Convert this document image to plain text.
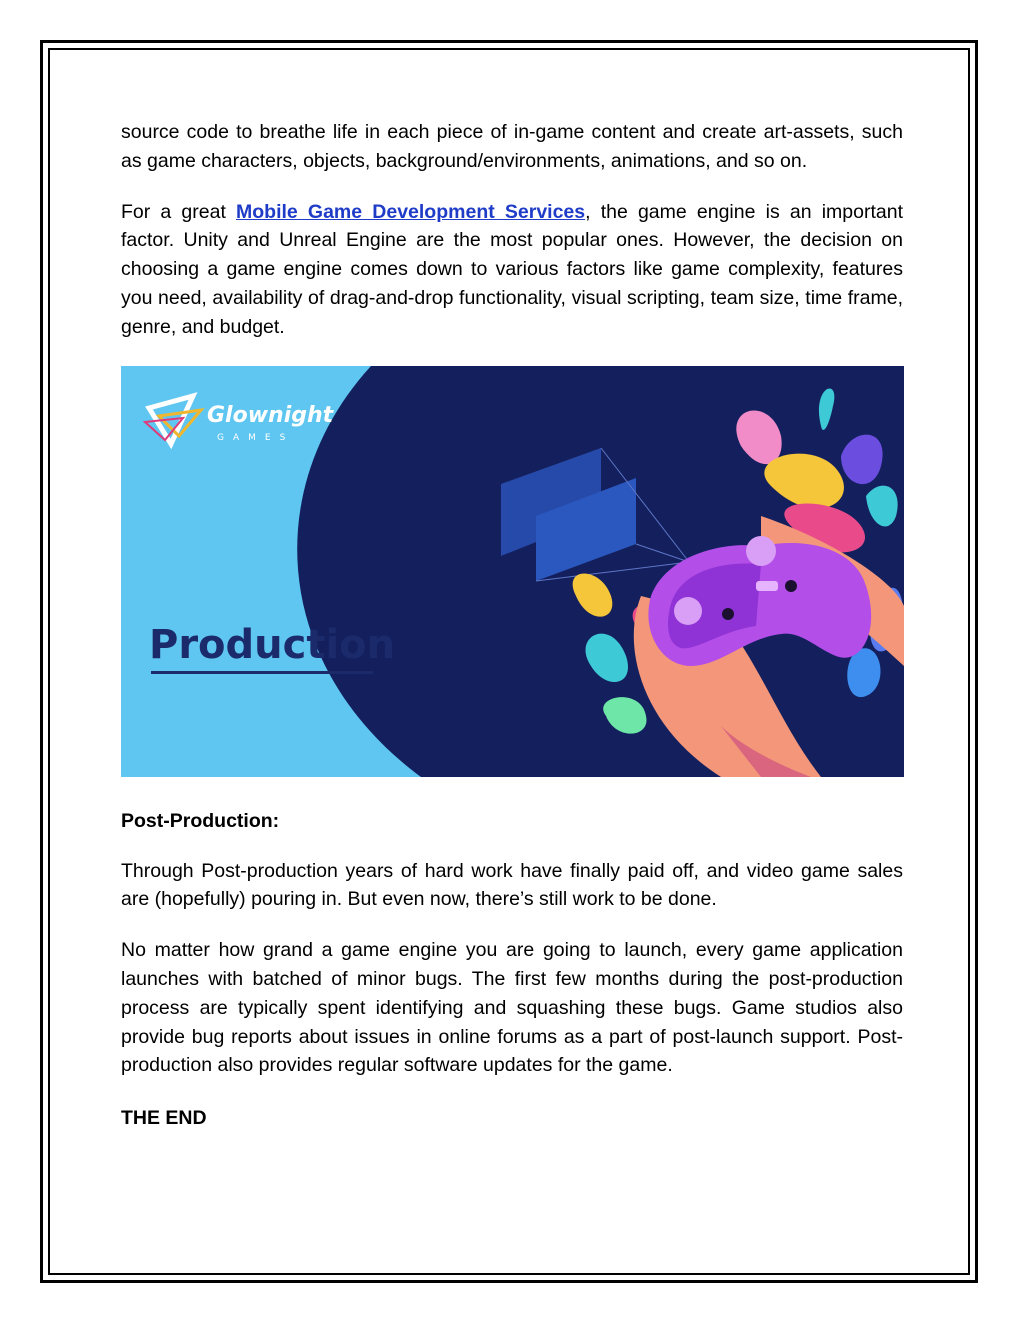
source code to breathe life in each piece of in-game content and create art-assets, such as game characters, objects, background/environments, animations, and so on.

For a great Mobile Game Development Services, the game engine is an important factor. Unity and Unreal Engine are the most popular ones. However, the decision on choosing a game engine comes down to various factors like game complexity, features you need, availability of drag-and-drop functionality, visual scripting, team size, time frame, genre, and budget.

Glownight
GAMES
Production
Post-Production:

Through Post-production years of hard work have finally paid off, and video game sales are (hopefully) pouring in. But even now, there’s still work to be done.

No matter how grand a game engine you are going to launch, every game application launches with batched of minor bugs. The first few months during the post-production process are typically spent identifying and squashing these bugs. Game studios also provide bug reports about issues in online forums as a part of post-launch support. Post-production also provides regular software updates for the game.

THE END
